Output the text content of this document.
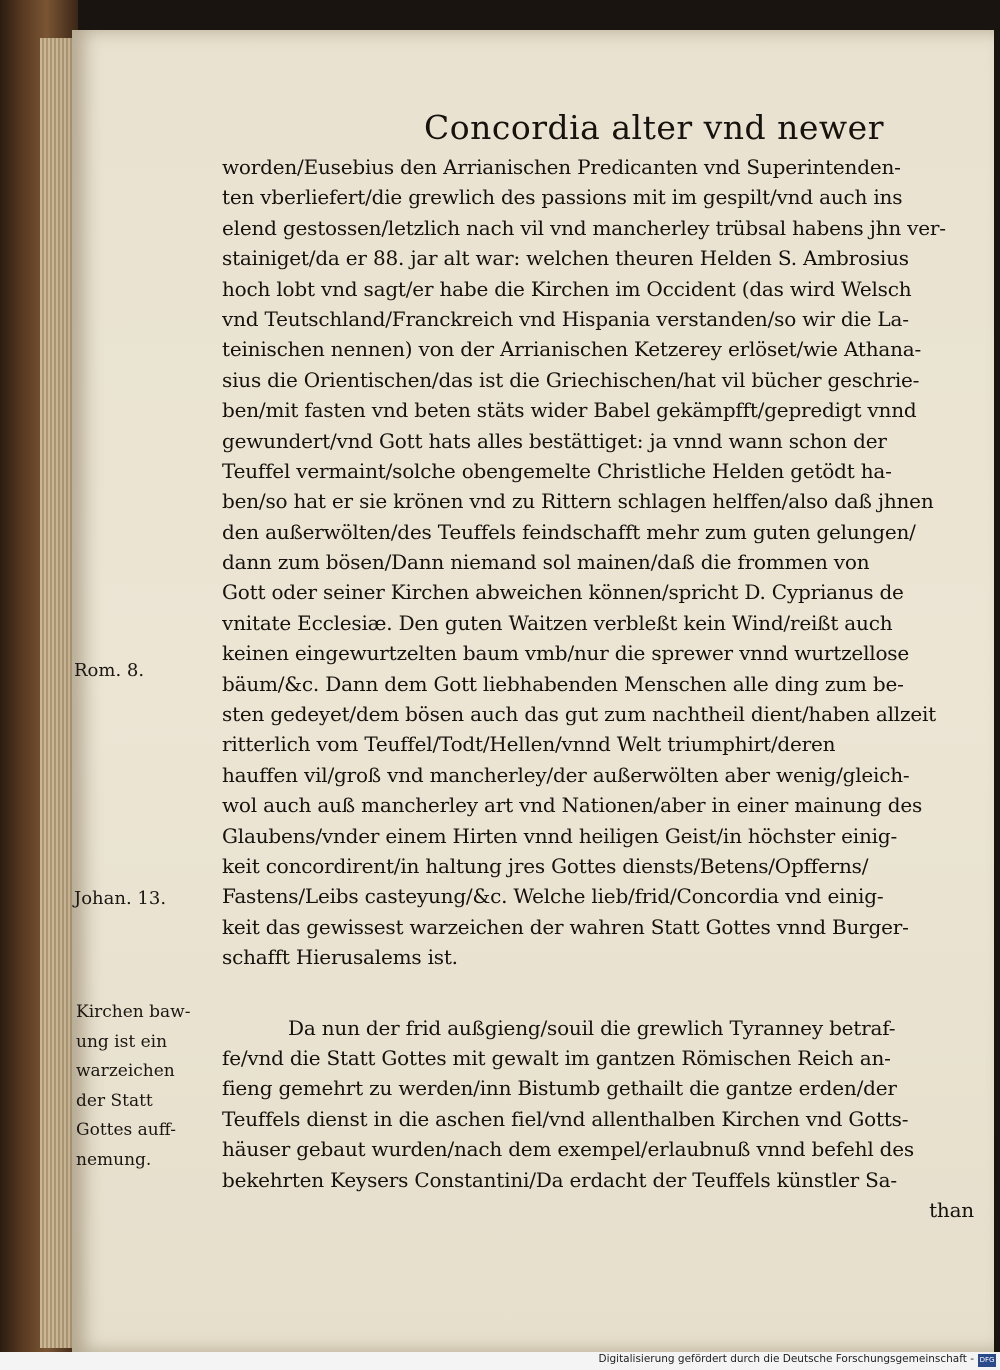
Concordia alter vnd newer
worden/Eusebius den Arrianischen Predicanten vnd Superintenden-
ten vberliefert/die grewlich des passions mit im gespilt/vnd auch ins
elend gestossen/letzlich nach vil vnd mancherley trübsal habens jhn ver-
stainiget/da er 88. jar alt war: welchen theuren Helden S. Ambrosius
hoch lobt vnd sagt/er habe die Kirchen im Occident (das wird Welsch
vnd Teutschland/Franckreich vnd Hispania verstanden/so wir die La-
teinischen nennen) von der Arrianischen Ketzerey erlöset/wie Athana-
sius die Orientischen/das ist die Griechischen/hat vil bücher geschrie-
ben/mit fasten vnd beten stäts wider Babel gekämpfft/gepredigt vnnd
gewundert/vnd Gott hats alles bestättiget: ja vnnd wann schon der
Teuffel vermaint/solche obengemelte Christliche Helden getödt ha-
ben/so hat er sie krönen vnd zu Rittern schlagen helffen/also daß jhnen
den außerwölten/des Teuffels feindschafft mehr zum guten gelungen/
dann zum bösen/Dann niemand sol mainen/daß die frommen von
Gott oder seiner Kirchen abweichen können/spricht D. Cyprianus de
vnitate Ecclesiæ. Den guten Waitzen verbleßt kein Wind/reißt auch
keinen eingewurtzelten baum vmb/nur die sprewer vnnd wurtzellose
bäum/&c. Dann dem Gott liebhabenden Menschen alle ding zum be-
sten gedeyet/dem bösen auch das gut zum nachtheil dient/haben allzeit
ritterlich vom Teuffel/Todt/Hellen/vnnd Welt triumphirt/deren
hauffen vil/groß vnd mancherley/der außerwölten aber wenig/gleich-
wol auch auß mancherley art vnd Nationen/aber in einer mainung des
Glaubens/vnder einem Hirten vnnd heiligen Geist/in höchster einig-
keit concordirent/in haltung jres Gottes diensts/Betens/Opfferns/
Fastens/Leibs casteyung/&c. Welche lieb/frid/Concordia vnd einig-
keit das gewissest warzeichen der wahren Statt Gottes vnnd Burger-
schafft Hierusalems ist.
Da nun der frid außgieng/souil die grewlich Tyranney betraf-
fe/vnd die Statt Gottes mit gewalt im gantzen Römischen Reich an-
fieng gemehrt zu werden/inn Bistumb gethailt die gantze erden/der
Teuffels dienst in die aschen fiel/vnd allenthalben Kirchen vnd Gotts-
häuser gebaut wurden/nach dem exempel/erlaubnuß vnnd befehl des
bekehrten Keysers Constantini/Da erdacht der Teuffels künstler Sa-
than
Rom. 8.
Johan. 13.
Kirchen baw-
ung ist ein
warzeichen
der Statt
Gottes auff-
nemung.
Digitalisierung gefördert durch die Deutsche Forschungsgemeinschaft - DFG
